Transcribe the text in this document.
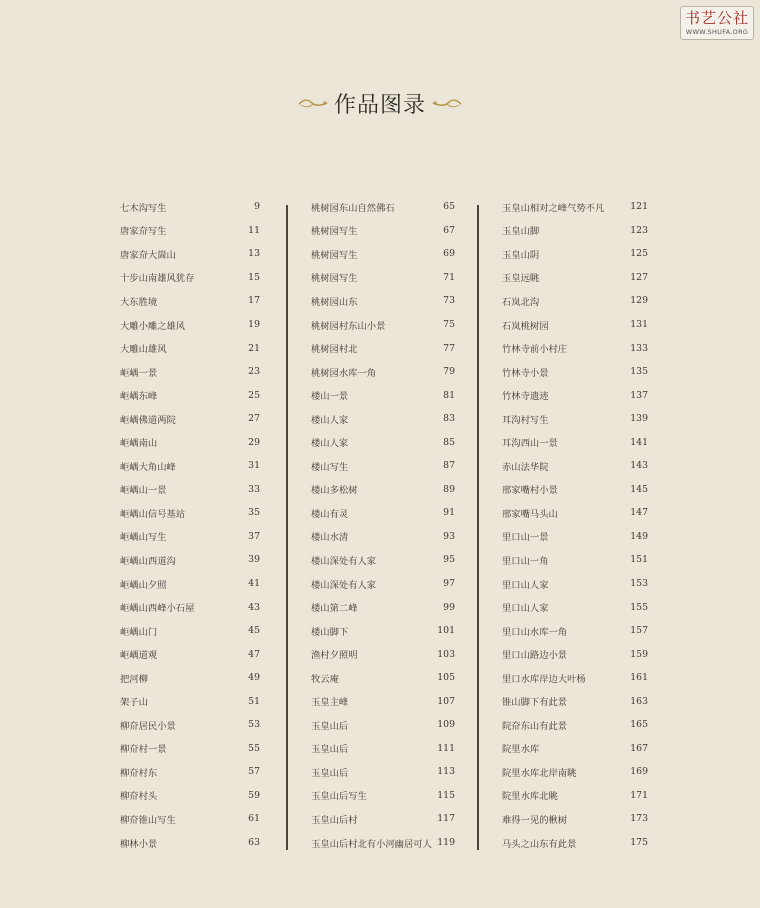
书艺公社
WWW.SHUFA.ORG
作品图录
七木沟写生	9
唐家夼写生	11
唐家夼大崮山	13
十步山南雄风犹存	15
大东胜境	17
大雕小雕之雄风	19
大雕山雄风	21
岠嵎一景	23
岠嵎东峰	25
岠嵎佛道两院	27
岠嵎南山	29
岠嵎大角山峰	31
岠嵎山一景	33
岠嵎山信号基站	35
岠嵎山写生	37
岠嵎山西道沟	39
岠嵎山夕照	41
岠嵎山西峰小石屋	43
岠嵎山门	45
岠嵎道观	47
把河柳	49
架子山	51
柳夼居民小景	53
柳夼村一景	55
柳夼村东	57
柳夼村头	59
柳夼锥山写生	61
柳林小景	63
桃树园东山自然佛石	65
桃树园写生	67
桃树园写生	69
桃树园写生	71
桃树园山东	73
桃树园村东山小景	75
桃树园村北	77
桃树园水库一角	79
楼山一景	81
楼山人家	83
楼山人家	85
楼山写生	87
楼山多松树	89
楼山有灵	91
楼山水清	93
楼山深处有人家	95
楼山深处有人家	97
楼山第二峰	99
楼山脚下	101
渔村夕照明	103
牧云庵	105
玉皇主峰	107
玉皇山后	109
玉皇山后	111
玉皇山后	113
玉皇山后写生	115
玉皇山后村	117
玉皇山后村北有小河幽居可人 119
玉皇山相对之峰气势不凡	121
玉皇山脚	123
玉皇山阴	125
玉皇远眺	127
石岚北沟	129
石岚桃树园	131
竹林寺前小村庄	133
竹林寺小景	135
竹林寺遗迹	137
耳沟村写生	139
耳沟西山一景	141
赤山法华院	143
邢家嘴村小景	145
邢家嘴马头山	147
里口山一景	149
里口山一角	151
里口山人家	153
里口山人家	155
里口山水库一角	157
里口山路边小景	159
里口水库岸边大叶杨	161
锥山脚下有此景	163
院夼东山有此景	165
院里水库	167
院里水库北岸南眺	169
院里水库北眺	171
难得一见的楸树	173
马头之山东有此景	175
